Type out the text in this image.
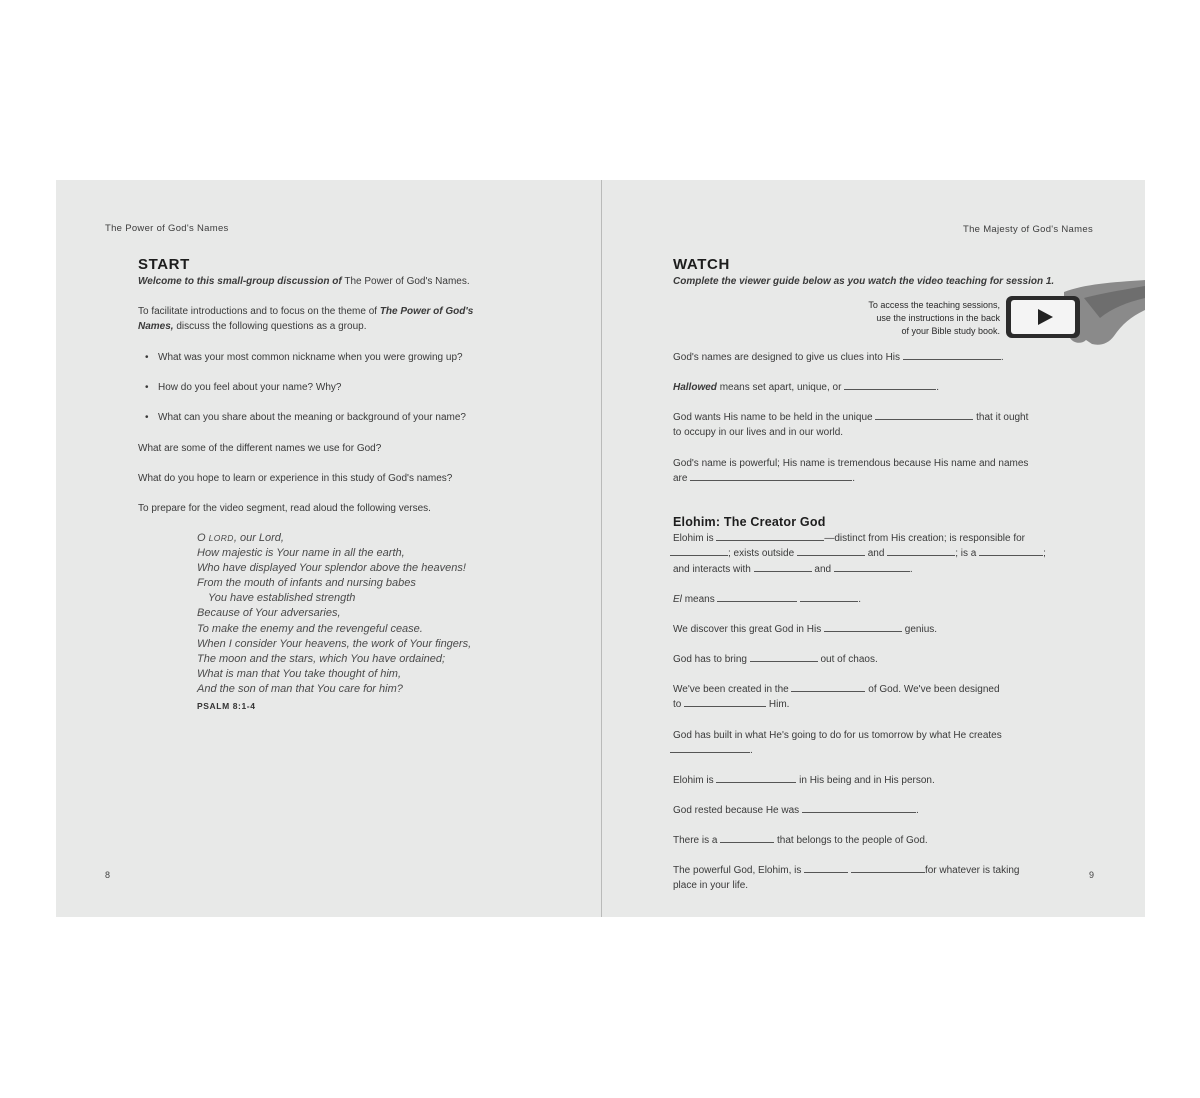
The Power of God's Names
START
Welcome to this small-group discussion of The Power of God's Names.
To facilitate introductions and to focus on the theme of The Power of God's
Names, discuss the following questions as a group.
• What was your most common nickname when you were growing up?
• How do you feel about your name? Why?
• What can you share about the meaning or background of your name?
What are some of the different names we use for God?
What do you hope to learn or experience in this study of God's names?
To prepare for the video segment, read aloud the following verses.
O LORD, our Lord,
How majestic is Your name in all the earth,
Who have displayed Your splendor above the heavens!
From the mouth of infants and nursing babes
You have established strength
Because of Your adversaries,
To make the enemy and the revengeful cease.
When I consider Your heavens, the work of Your fingers,
The moon and the stars, which You have ordained;
What is man that You take thought of him,
And the son of man that You care for him?
PSALM 8:1-4
8
The Majesty of God's Names
WATCH
Complete the viewer guide below as you watch the video teaching for session 1.
To access the teaching sessions,
use the instructions in the back
of your Bible study book.
God's names are designed to give us clues into His	.
Hallowed means set apart, unique, or	.
God wants His name to be held in the unique	that it ought
to occupy in our lives and in our world.
God's name is powerful; His name is tremendous because His name and names
are	.
Elohim: The Creator God
Elohim is	—distinct from His creation; is responsible for
; exists outside	and	; is a	;
and interacts with	and	.
El means	.
We discover this great God in His	genius.
God has to bring	out of chaos.
We've been created in the	of God. We've been designed
to	Him.
God has built in what He's going to do for us tomorrow by what He creates
.
Elohim is	in His being and in His person.
God rested because He was	.
There is a	that belongs to the people of God.
The powerful God, Elohim, is	for whatever is taking
place in your life.
9
